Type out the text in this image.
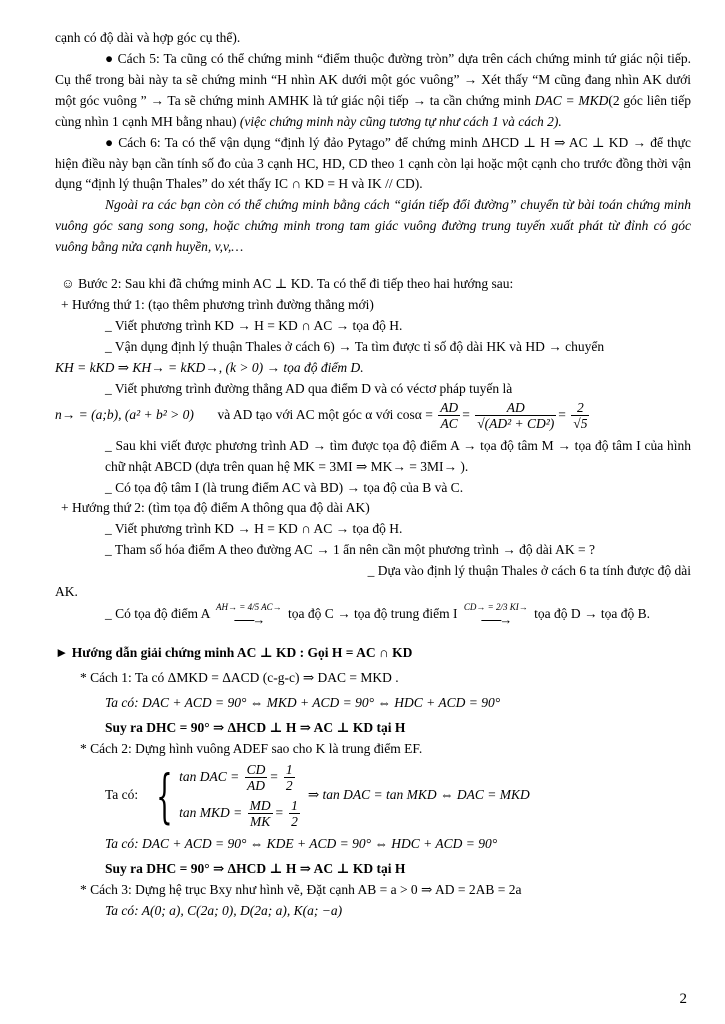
cạnh có độ dài và hợp góc cụ thể).

● Cách 5: Ta cũng có thể chứng minh “điểm thuộc đường tròn” dựa trên cách chứng minh tứ giác nội tiếp. Cụ thể trong bài này ta sẽ chứng minh “H nhìn AK dưới một góc vuông” → Xét thấy “M cũng đang nhìn AK dưới một góc vuông ” → Ta sẽ chứng minh AMHK là tứ giác nội tiếp → ta cần chứng minh DAC = MKD(2 góc liên tiếp cùng nhìn 1 cạnh MH bằng nhau) (việc chứng minh này cũng tương tự như cách 1 và cách 2).

● Cách 6: Ta có thể vận dụng “định lý đảo Pytago” để chứng minh ΔHCD ⊥ H ⇒ AC ⊥ KD → để thực hiện điều này bạn cần tính số đo của 3 cạnh HC, HD, CD theo 1 cạnh còn lại hoặc một cạnh cho trước đồng thời vận dụng “định lý thuận Thales” do xét thấy IC ∩ KD = H và IK // CD).

Ngoài ra các bạn còn có thể chứng minh bằng cách “gián tiếp đổi đường” chuyển từ bài toán chứng minh vuông góc sang song song, hoặc chứng minh trong tam giác vuông đường trung tuyến xuất phát từ đỉnh có góc vuông bằng nửa cạnh huyền, v,v,…

☺ Bước 2: Sau khi đã chứng minh AC ⊥ KD. Ta có thể đi tiếp theo hai hướng sau:

+ Hướng thứ 1: (tạo thêm phương trình đường thẳng mới)

_ Viết phương trình KD → H = KD ∩ AC → tọa độ H.

_ Vận dụng định lý thuận Thales ở cách 6) → Ta tìm được tỉ số độ dài HK và HD → chuyển

KH = kKD ⇒ KH→ = kKD→, (k > 0) → tọa độ điểm D.

_ Viết phương trình đường thẳng AD qua điểm D và có véctơ pháp tuyến là

n→ = (a;b), (a² + b² > 0) và AD tạo với AC một góc α với $\cos\alpha = \frac{AD}{AC} = \frac{AD}{\text{√(AD² + CD²)}} = \frac{2}{√5}$

_ Sau khi viết được phương trình AD → tìm được tọa độ điểm A → tọa độ tâm M → tọa độ tâm I của hình chữ nhật ABCD (dựa trên quan hệ MK = 3MI ⇒ MK→ = 3MI→ ).

_ Có tọa độ tâm I (là trung điểm AC và BD) → tọa độ của B và C.

+ Hướng thứ 2: (tìm tọa độ điểm A thông qua độ dài AK)

_ Viết phương trình KD → H = KD ∩ AC → tọa độ H.

_ Tham số hóa điểm A theo đường AC → 1 ẩn nên cần một phương trình → độ dài AK = ?

_ Dựa vào định lý thuận Thales ở cách 6 ta tính được độ dài

AK.

_ Có tọa độ điểm A AH→ = 4/5 AC→
⎯⎯⎯⎯→	tọa độ C → tọa độ trung điểm I CD→ = 2/3 KI→
⎯⎯⎯⎯→	tọa độ D → tọa độ B.

► Hướng dẫn giải chứng minh AC ⊥ KD : Gọi H = AC ∩ KD

* Cách 1: Ta có ΔMKD = ΔACD (c-g-c) ⇒ DAC = MKD .

Ta có: DAC + ACD = 90° ⇔ MKD + ACD = 90° ⇔ HDC + ACD = 90°

Suy ra DHC = 90° ⇒ ΔHCD ⊥ H ⇒ AC ⊥ KD tại H

* Cách 2: Dựng hình vuông ADEF sao cho K là trung điểm EF.

Ta có: { tan DAC = $\frac{CD}{AD} = \frac{1}{2}$
tan MKD = $\frac{MD}{MK} = \frac{1}{2}$
⇒ tan DAC = tan MKD ⇔ DAC = MKD

Ta có: DAC + ACD = 90° ⇔ KDE + ACD = 90° ⇔ HDC + ACD = 90°

Suy ra DHC = 90° ⇒ ΔHCD ⊥ H ⇒ AC ⊥ KD tại H

* Cách 3: Dựng hệ trục Bxy như hình vẽ, Đặt cạnh AB = a > 0 ⇒ AD = 2AB = 2a

Ta có: A(0; a), C(2a; 0), D(2a; a), K(a; −a)

2
